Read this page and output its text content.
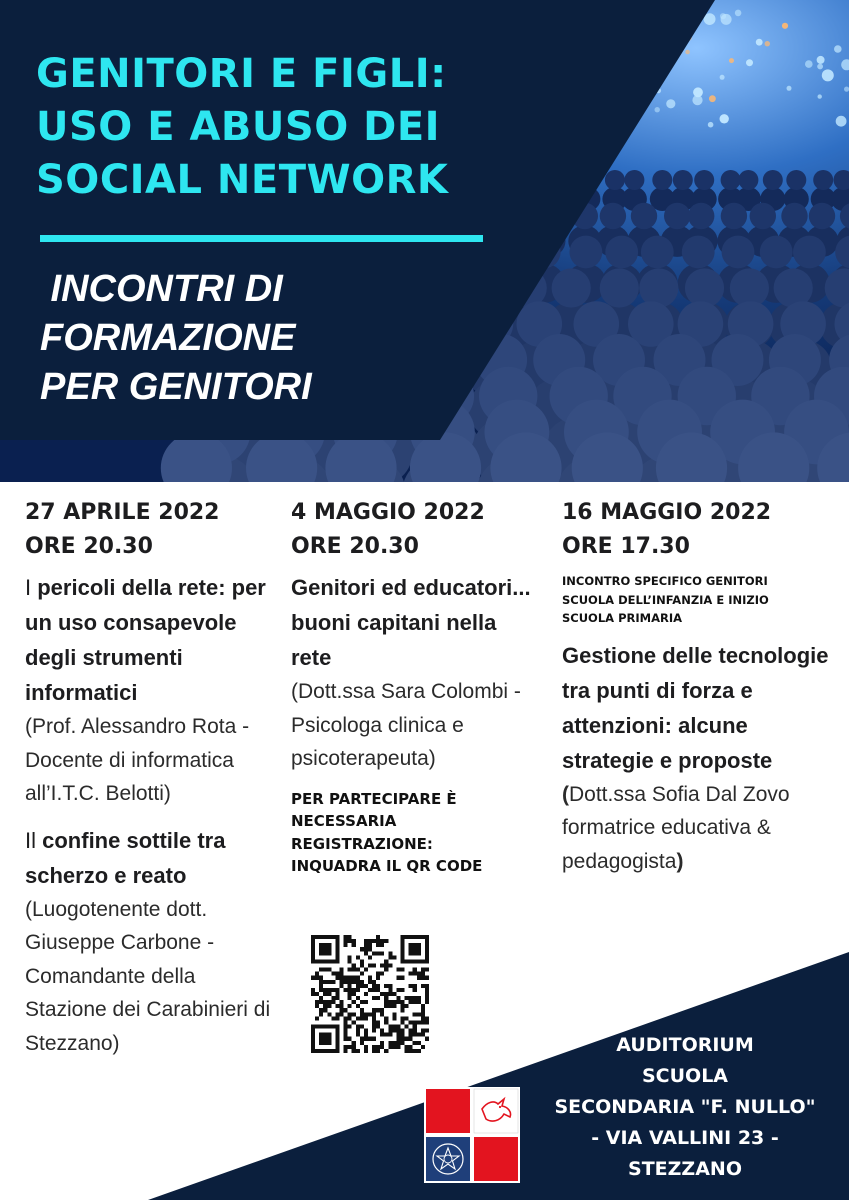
GENITORI E FIGLI:
USO E ABUSO DEI
SOCIAL NETWORK
INCONTRI DI
FORMAZIONE
PER GENITORI

27 APRILE 2022
ORE 20.30

I pericoli della rete: per un uso consapevole degli strumenti informatici

(Prof. Alessandro Rota - Docente di informatica all’I.T.C. Belotti)

Il confine sottile tra scherzo e reato

(Luogotenente dott. Giuseppe Carbone - Comandante della Stazione dei Carabinieri di Stezzano)

4 MAGGIO 2022
ORE 20.30

Genitori ed educatori... buoni capitani nella rete

(Dott.ssa Sara Colombi - Psicologa clinica e psicoterapeuta)

PER PARTECIPARE È
NECESSARIA
REGISTRAZIONE:
INQUADRA IL QR CODE

16 MAGGIO 2022
ORE 17.30

INCONTRO SPECIFICO GENITORI
SCUOLA DELL’INFANZIA E INIZIO
SCUOLA PRIMARIA

Gestione delle tecnologie tra punti di forza e attenzioni: alcune strategie e proposte

(Dott.ssa Sofia Dal Zovo formatrice educativa & pedagogista)

AUDITORIUM
SCUOLA
SECONDARIA "F. NULLO"
- VIA VALLINI 23 -
STEZZANO
